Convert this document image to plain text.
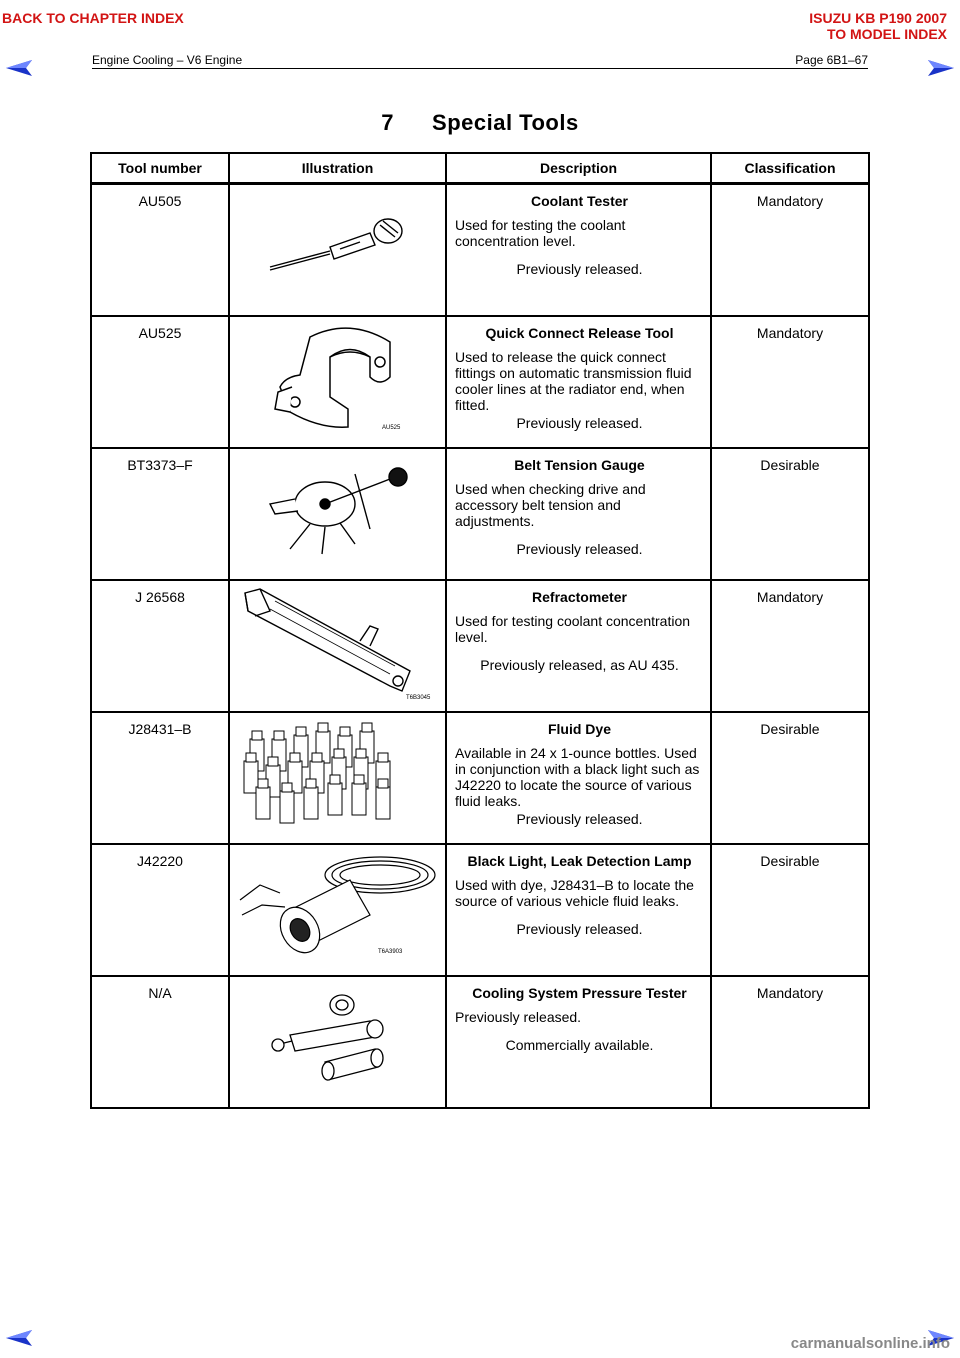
BACK TO CHAPTER INDEX	ISUZU KB P190 2007
TO MODEL INDEX
Engine Cooling – V6 Engine	Page 6B1–67
7 Special Tools
Tool number	Illustration	Description	Classification
AU505		Coolant Tester
Used for testing the coolant concentration level.
Previously released.	Mandatory
AU525	AU525	Quick Connect Release Tool
Used to release the quick connect fittings on automatic transmission fluid cooler lines at the radiator end, when fitted.
Previously released.	Mandatory
BT3373–F		Belt Tension Gauge
Used when checking drive and accessory belt tension and adjustments.
Previously released.	Desirable
J 26568	T6B3045	Refractometer
Used for testing coolant concentration level.
Previously released, as AU 435.	Mandatory
J28431–B		Fluid Dye
Available in 24 x 1-ounce bottles. Used in conjunction with a black light such as J42220 to locate the source of various fluid leaks.
Previously released.	Desirable
J42220	T6A3903	Black Light, Leak Detection Lamp
Used with dye, J28431–B to locate the source of various vehicle fluid leaks.
Previously released.	Desirable
N/A		Cooling System Pressure Tester
Previously released.
Commercially available.	Mandatory
carmanualsonline.info
